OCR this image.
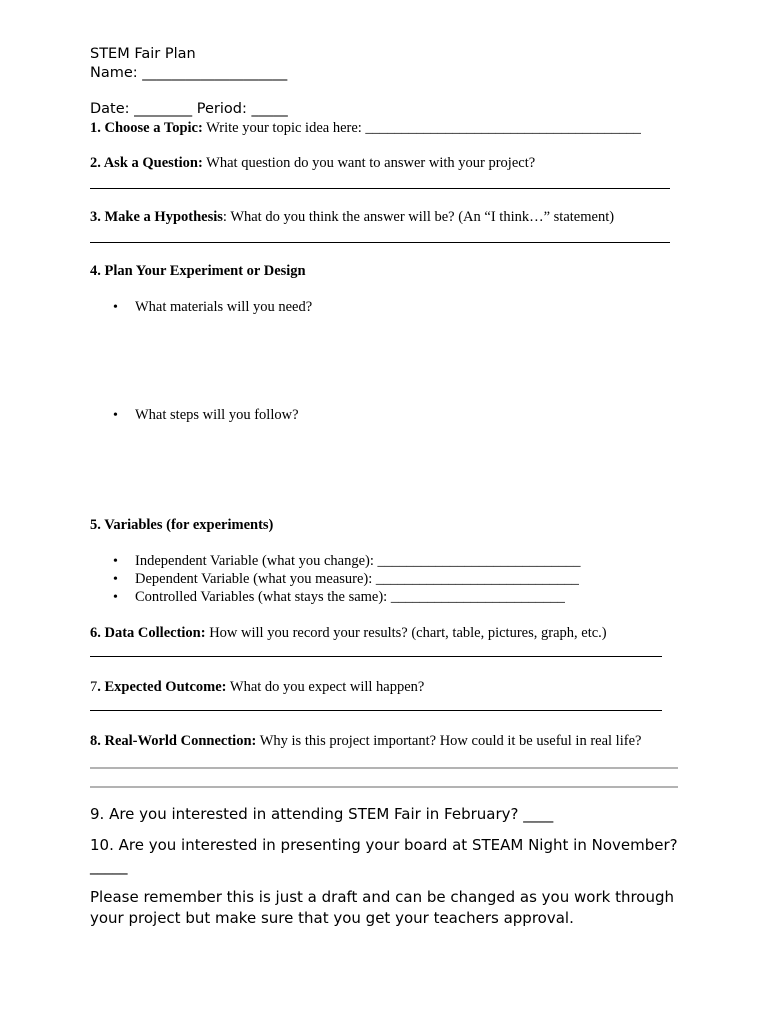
STEM Fair Plan
Name: ____________________
Date: ________ Period: _____
1. Choose a Topic: Write your topic idea here: ______________________________________
2. Ask a Question: What question do you want to answer with your project?
3. Make a Hypothesis: What do you think the answer will be? (An “I think…” statement)
4. Plan Your Experiment or Design
• What materials will you need?
• What steps will you follow?
5. Variables (for experiments)
• Independent Variable (what you change): ____________________________
• Dependent Variable (what you measure): ____________________________
• Controlled Variables (what stays the same): ________________________
6. Data Collection: How will you record your results? (chart, table, pictures, graph, etc.)
7. Expected Outcome: What do you expect will happen?
8. Real-World Connection: Why is this project important? How could it be useful in real life?
9. Are you interested in attending STEM Fair in February? ____
10. Are you interested in presenting your board at STEAM Night in November? _____
Please remember this is just a draft and can be changed as you work through your project but make sure that you get your teachers approval.
